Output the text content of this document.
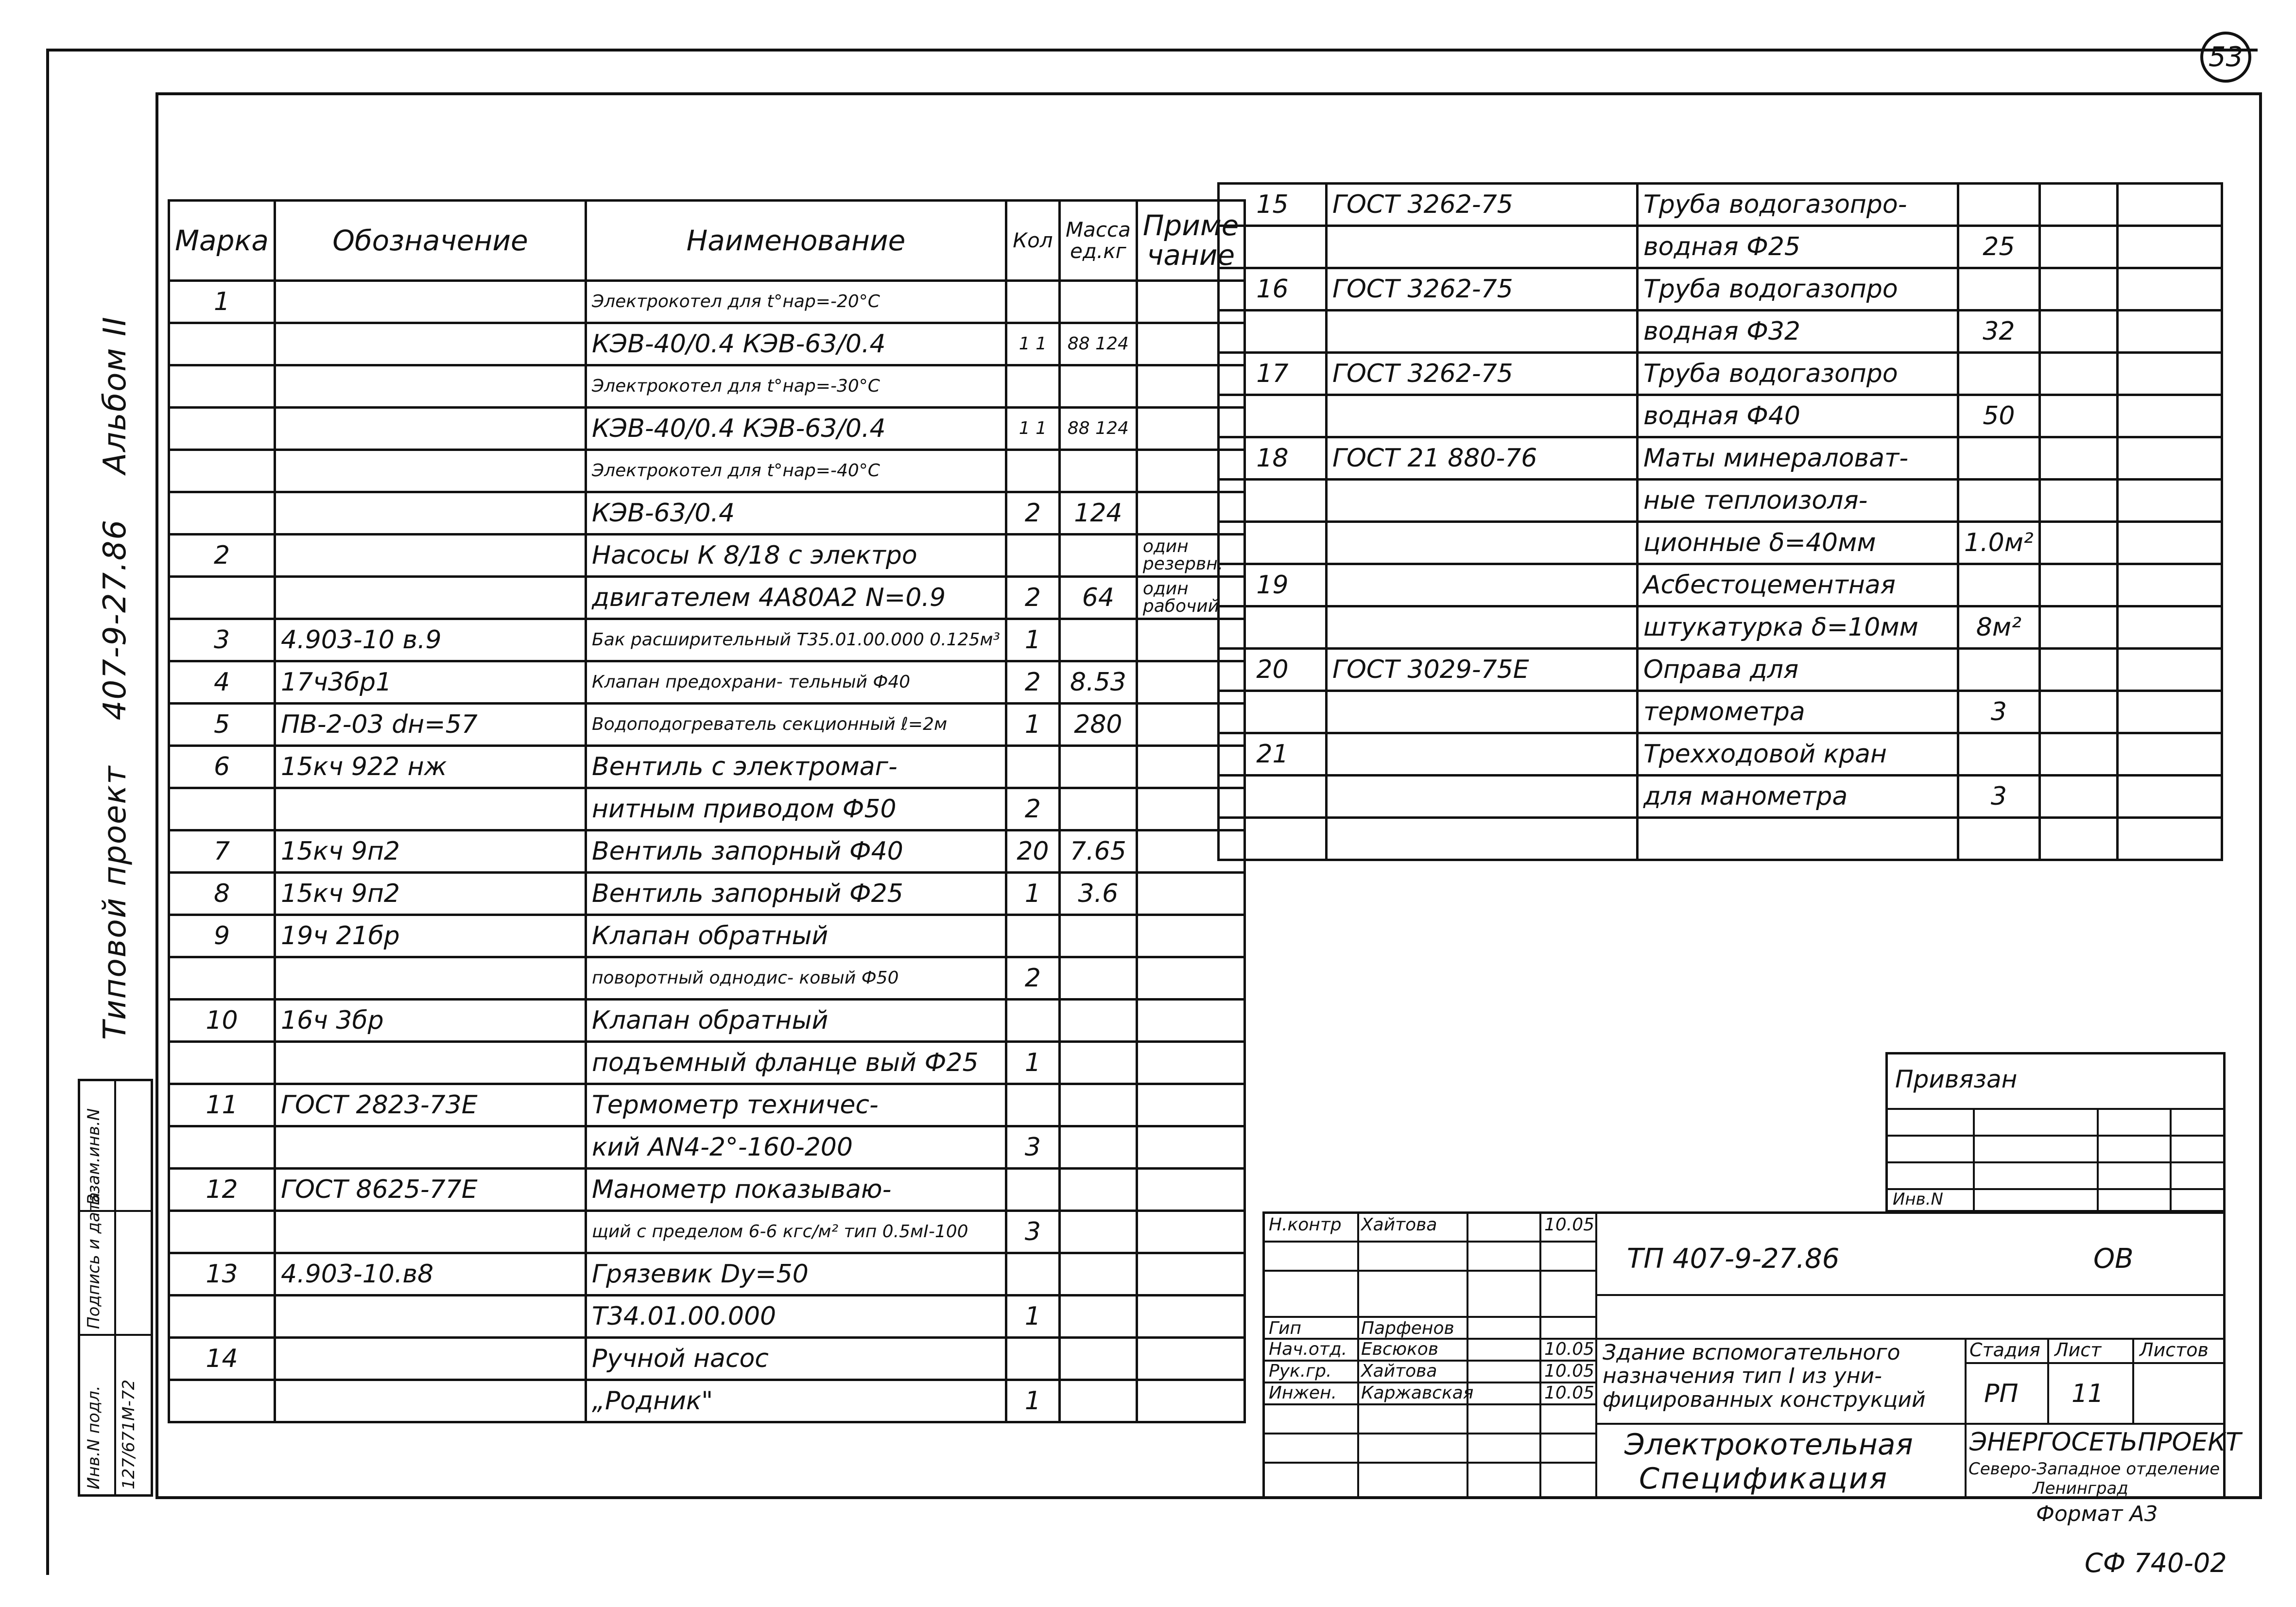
53
Типовой проект 407-9-27.86 Альбом II
Инв.N подл.
Подпись и дата
Взам.инв.N
127/671М-72
Марка	Обозначение	Наименование	Кол	Масса ед.кг	Приме чание
1		Электрокотел для t°нар=-20°C			
		КЭВ-40/0.4 КЭВ-63/0.4	1 1	88 124	
		Электрокотел для t°нар=-30°C			
		КЭВ-40/0.4 КЭВ-63/0.4	1 1	88 124	
		Электрокотел для t°нар=-40°C			
		КЭВ-63/0.4	2	124	
2		Насосы К 8/18 с электро			один резервн.
		двигателем 4А80А2 N=0.9	2	64	один рабочий
3	4.903-10 в.9	Бак расширительный Т35.01.00.000 0.125м³	1		
4	17ч3бр1	Клапан предохрани- тельный Ф40	2	8.53	
5	ПВ-2-03 dн=57	Водоподогреватель секционный ℓ=2м	1	280	
6	15кч 922 нж	Вентиль с электромаг-			
		нитным приводом Ф50	2		
7	15кч 9п2	Вентиль запорный Ф40	20	7.65	
8	15кч 9п2	Вентиль запорный Ф25	1	3.6	
9	19ч 21бр	Клапан обратный			
		поворотный однодис- ковый Ф50	2		
10	16ч 3бр	Клапан обратный			
		подъемный фланце вый Ф25	1		
11	ГОСТ 2823-73Е	Термометр техничес-			
		кий АN4-2°-160-200	3		
12	ГОСТ 8625-77Е	Манометр показываю-			
		щий с пределом 6-6 кгс/м² тип 0.5мI-100	3		
13	4.903-10.в8	Грязевик Dу=50			
		Т34.01.00.000	1		
14		Ручной насос			
		„Родник"	1		
15	ГОСТ 3262-75	Труба водогазопро-			
		водная Ф25	25		
16	ГОСТ 3262-75	Труба водогазопро			
		водная Ф32	32		
17	ГОСТ 3262-75	Труба водогазопро			
		водная Ф40	50		
18	ГОСТ 21 880-76	Маты минераловат-			
		ные теплоизоля-			
		ционные δ=40мм	1.0м²		
19		Асбестоцементная			
		штукатурка δ=10мм	8м²		
20	ГОСТ 3029-75Е	Оправа для			
		термометра	3		
21		Трехходовой кран			
		для манометра	3		

Привязан
Инв.N
Н.контр Хайтова	10.05
Гип	Парфенов
Нач.отд. Евсюков	10.05
Рук.гр. Хайтова	10.05
Инжен. Каржавская	10.05
ТП 407-9-27.86	ОВ
Здание вспомогательного назначения тип I из уни- фицированных конструкций
Стадия Лист Листов
РП 11
Электрокотельная
Спецификация
ЭНЕРГОСЕТЬПРОЕКТ
Северо-Западное отделение
Ленинград
Формат А3
СФ 740-02
